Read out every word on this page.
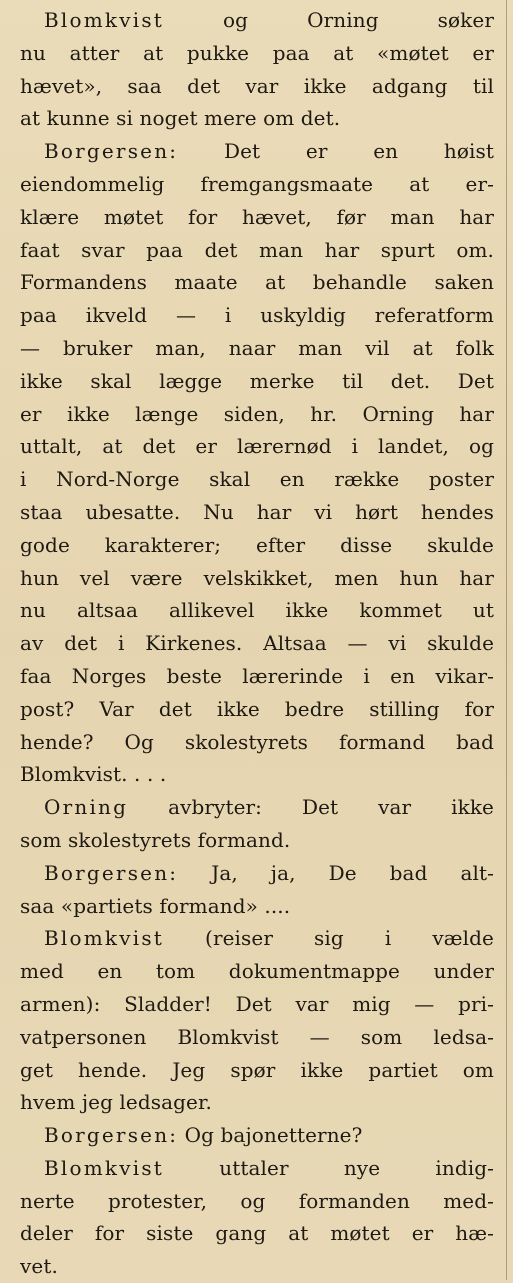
Blomkvist og Orning søker
nu atter at pukke paa at «møtet er
hævet», saa det var ikke adgang til
at kunne si noget mere om det.
Borgersen: Det er en høist
eiendommelig fremgangsmaate at er-
klære møtet for hævet, før man har
faat svar paa det man har spurt om.
Formandens maate at behandle saken
paa ikveld — i uskyldig referatform
— bruker man, naar man vil at folk
ikke skal lægge merke til det. Det
er ikke længe siden, hr. Orning har
uttalt, at det er lærernød i landet, og
i Nord-Norge skal en række poster
staa ubesatte. Nu har vi hørt hendes
gode karakterer; efter disse skulde
hun vel være velskikket, men hun har
nu altsaa allikevel ikke kommet ut
av det i Kirkenes. Altsaa — vi skulde
faa Norges beste lærerinde i en vikar-
post? Var det ikke bedre stilling for
hende? Og skolestyrets formand bad
Blomkvist. . . .
Orning avbryter: Det var ikke
som skolestyrets formand.
Borgersen: Ja, ja, De bad alt-
saa «partiets formand» ....
Blomkvist (reiser sig i vælde
med en tom dokumentmappe under
armen): Sladder! Det var mig — pri-
vatpersonen Blomkvist — som ledsa-
get hende. Jeg spør ikke partiet om
hvem jeg ledsager.
Borgersen: Og bajonetterne?
Blomkvist uttaler nye indig-
nerte protester, og formanden med-
deler for siste gang at møtet er hæ-
vet.
